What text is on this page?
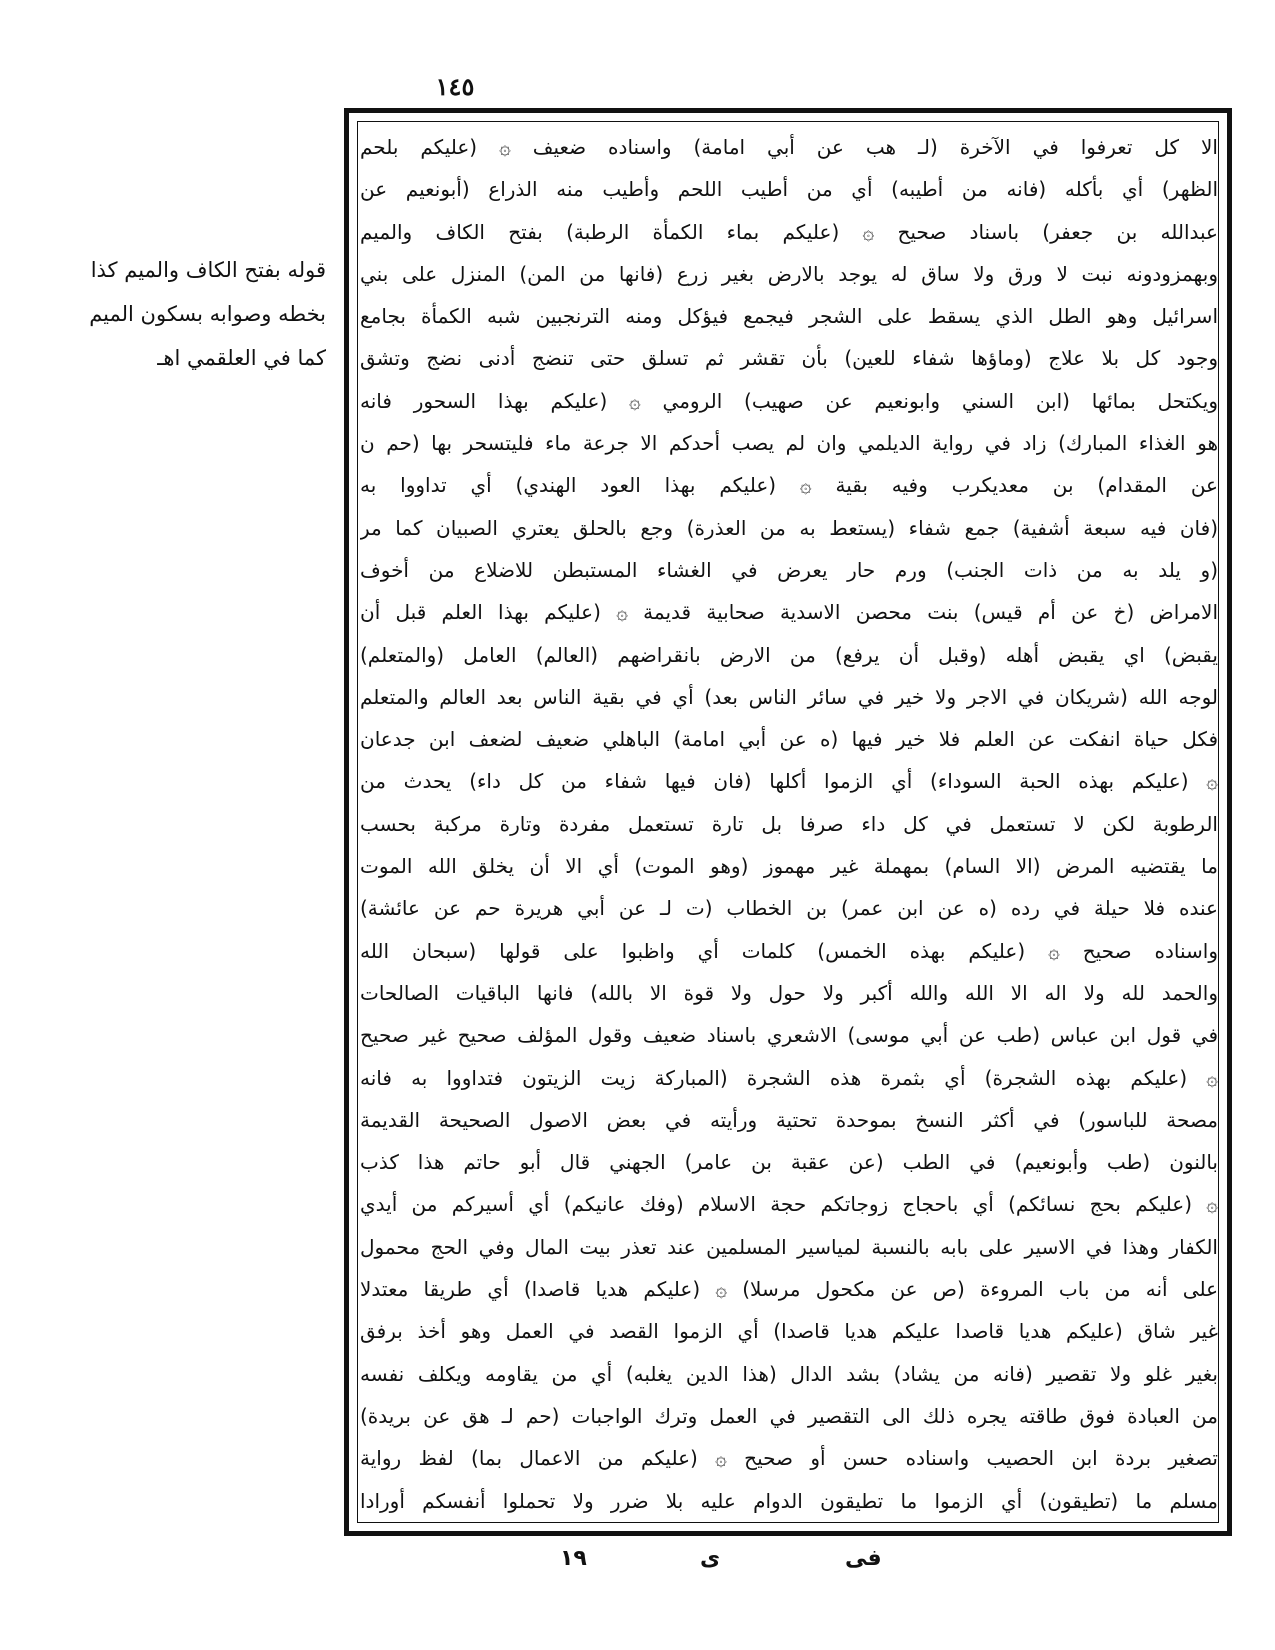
١٤٥
قوله بفتح الكاف والميم كذا
بخطه وصوابه بسكون الميم
كما في العلقمي اهـ
الا كل تعرفوا في الآخرة (لـ هب عن أبي امامة) واسناده ضعيف ۞ (عليكم بلحم
الظهر) أي بأكله (فانه من أطيبه) أي من أطيب اللحم وأطيب منه الذراع (أبونعيم عن
عبدالله بن جعفر) باسناد صحيح ۞ (عليكم بماء الكمأة الرطبة) بفتح الكاف والميم
وبهمزودونه نبت لا ورق ولا ساق له يوجد بالارض بغير زرع (فانها من المن) المنزل على بني
اسرائيل وهو الطل الذي يسقط على الشجر فيجمع فيؤكل ومنه الترنجبين شبه الكمأة بجامع
وجود كل بلا علاج (وماؤها شفاء للعين) بأن تقشر ثم تسلق حتى تنضج أدنى نضج وتشق
ويكتحل بمائها (ابن السني وابونعيم عن صهيب) الرومي ۞ (عليكم بهذا السحور فانه
هو الغذاء المبارك) زاد في رواية الديلمي وان لم يصب أحدكم الا جرعة ماء فليتسحر بها (حم ن
عن المقدام) بن معديكرب وفيه بقية ۞ (عليكم بهذا العود الهندي) أي تداووا به
(فان فيه سبعة أشفية) جمع شفاء (يستعط به من العذرة) وجع بالحلق يعتري الصبيان كما مر
(و يلد به من ذات الجنب) ورم حار يعرض في الغشاء المستبطن للاضلاع من أخوف
الامراض (خ عن أم قيس) بنت محصن الاسدية صحابية قديمة ۞ (عليكم بهذا العلم قبل أن
يقبض) اي يقبض أهله (وقبل أن يرفع) من الارض بانقراضهم (العالم) العامل (والمتعلم)
لوجه الله (شريكان في الاجر ولا خير في سائر الناس بعد) أي في بقية الناس بعد العالم والمتعلم
فكل حياة انفكت عن العلم فلا خير فيها (ه عن أبي امامة) الباهلي ضعيف لضعف ابن جدعان
۞ (عليكم بهذه الحبة السوداء) أي الزموا أكلها (فان فيها شفاء من كل داء) يحدث من
الرطوبة لكن لا تستعمل في كل داء صرفا بل تارة تستعمل مفردة وتارة مركبة بحسب
ما يقتضيه المرض (الا السام) بمهملة غير مهموز (وهو الموت) أي الا أن يخلق الله الموت
عنده فلا حيلة في رده (ه عن ابن عمر) بن الخطاب (ت لـ عن أبي هريرة حم عن عائشة)
واسناده صحيح ۞ (عليكم بهذه الخمس) كلمات أي واظبوا على قولها (سبحان الله
والحمد لله ولا اله الا الله والله أكبر ولا حول ولا قوة الا بالله) فانها الباقيات الصالحات
في قول ابن عباس (طب عن أبي موسى) الاشعري باسناد ضعيف وقول المؤلف صحيح غير صحيح
۞ (عليكم بهذه الشجرة) أي بثمرة هذه الشجرة (المباركة زيت الزيتون فتداووا به فانه
مصحة للباسور) في أكثر النسخ بموحدة تحتية ورأيته في بعض الاصول الصحيحة القديمة
بالنون (طب وأبونعيم) في الطب (عن عقبة بن عامر) الجهني قال أبو حاتم هذا كذب
۞ (عليكم بحج نسائكم) أي باحجاج زوجاتكم حجة الاسلام (وفك عانيكم) أي أسيركم من أيدي
الكفار وهذا في الاسير على بابه بالنسبة لمياسير المسلمين عند تعذر بيت المال وفي الحج محمول
على أنه من باب المروءة (ص عن مكحول مرسلا) ۞ (عليكم هديا قاصدا) أي طريقا معتدلا
غير شاق (عليكم هديا قاصدا عليكم هديا قاصدا) أي الزموا القصد في العمل وهو أخذ برفق
بغير غلو ولا تقصير (فانه من يشاد) بشد الدال (هذا الدين يغلبه) أي من يقاومه ويكلف نفسه
من العبادة فوق طاقته يجره ذلك الى التقصير في العمل وترك الواجبات (حم لـ هق عن بريدة)
تصغير بردة ابن الحصيب واسناده حسن أو صحيح ۞ (عليكم من الاعمال بما) لفظ رواية
مسلم ما (تطيقون) أي الزموا ما تطيقون الدوام عليه بلا ضرر ولا تحملوا أنفسكم أورادا
١٩	ى	فى
